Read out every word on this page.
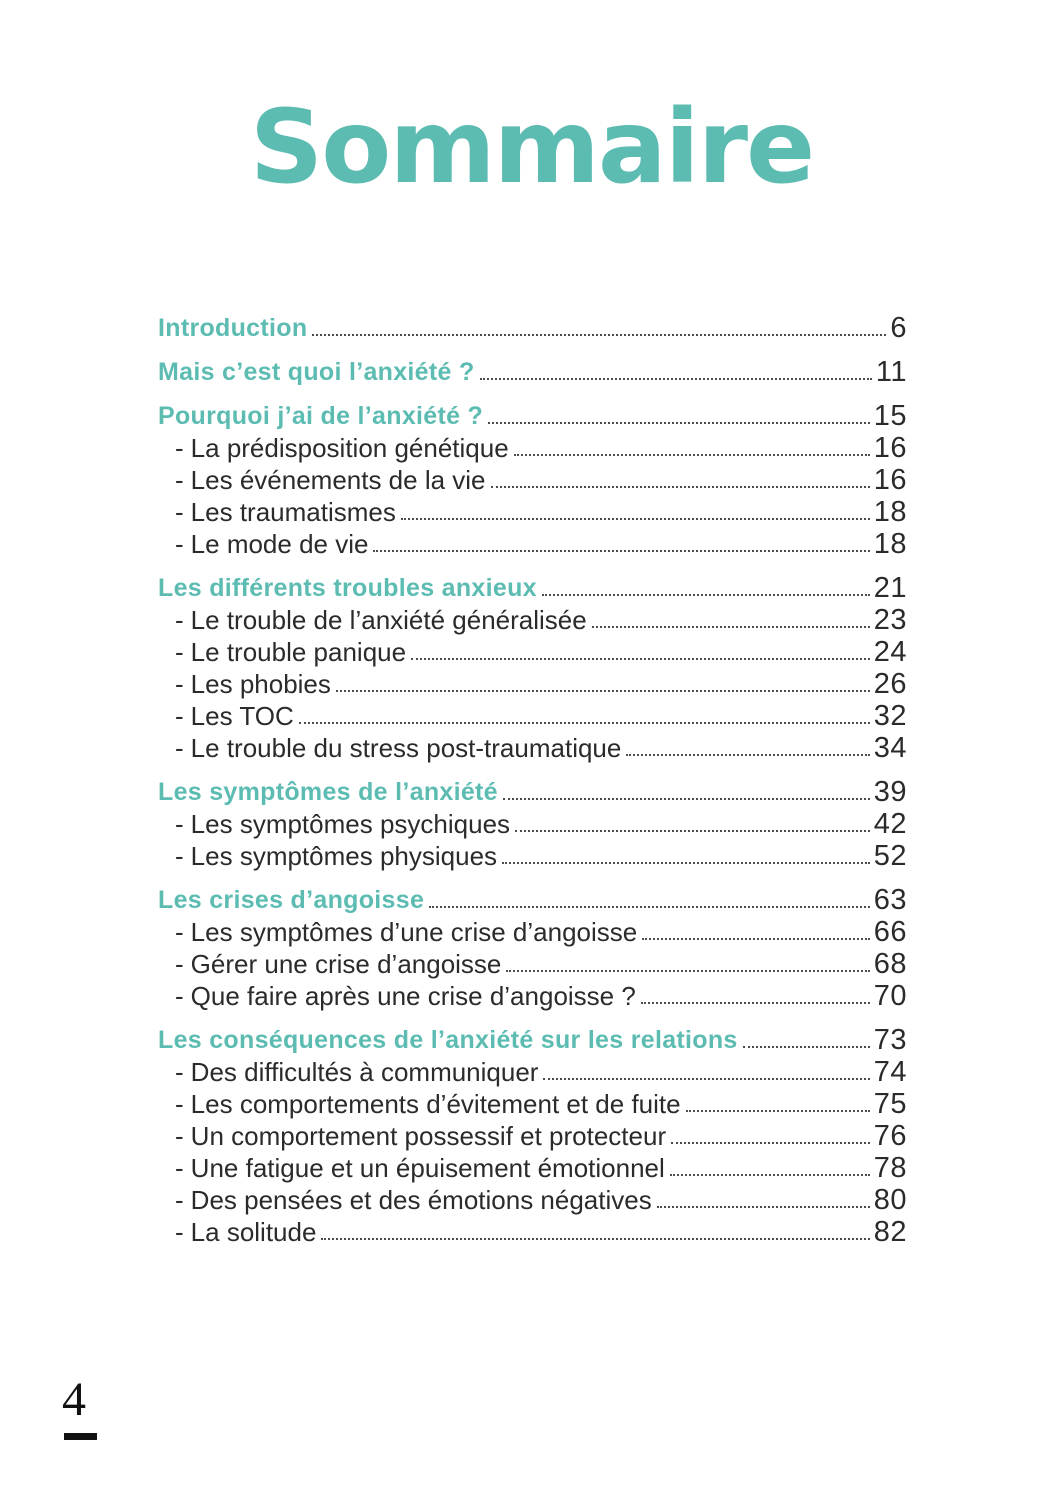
Sommaire
Introduction	6
Mais c’est quoi l’anxiété ?	11
Pourquoi j’ai de l’anxiété ?	15
- La prédisposition génétique	16
- Les événements de la vie	16
- Les traumatismes	18
- Le mode de vie	18
Les différents troubles anxieux	21
- Le trouble de l’anxiété généralisée	23
- Le trouble panique	24
- Les phobies	26
- Les TOC	32
- Le trouble du stress post-traumatique	34
Les symptômes de l’anxiété	39
- Les symptômes psychiques	42
- Les symptômes physiques	52
Les crises d’angoisse	63
- Les symptômes d’une crise d’angoisse	66
- Gérer une crise d’angoisse	68
- Que faire après une crise d’angoisse ?	70
Les conséquences de l’anxiété sur les relations	73
- Des difficultés à communiquer	74
- Les comportements d’évitement et de fuite	75
- Un comportement possessif et protecteur	76
- Une fatigue et un épuisement émotionnel	78
- Des pensées et des émotions négatives	80
- La solitude	82
4
